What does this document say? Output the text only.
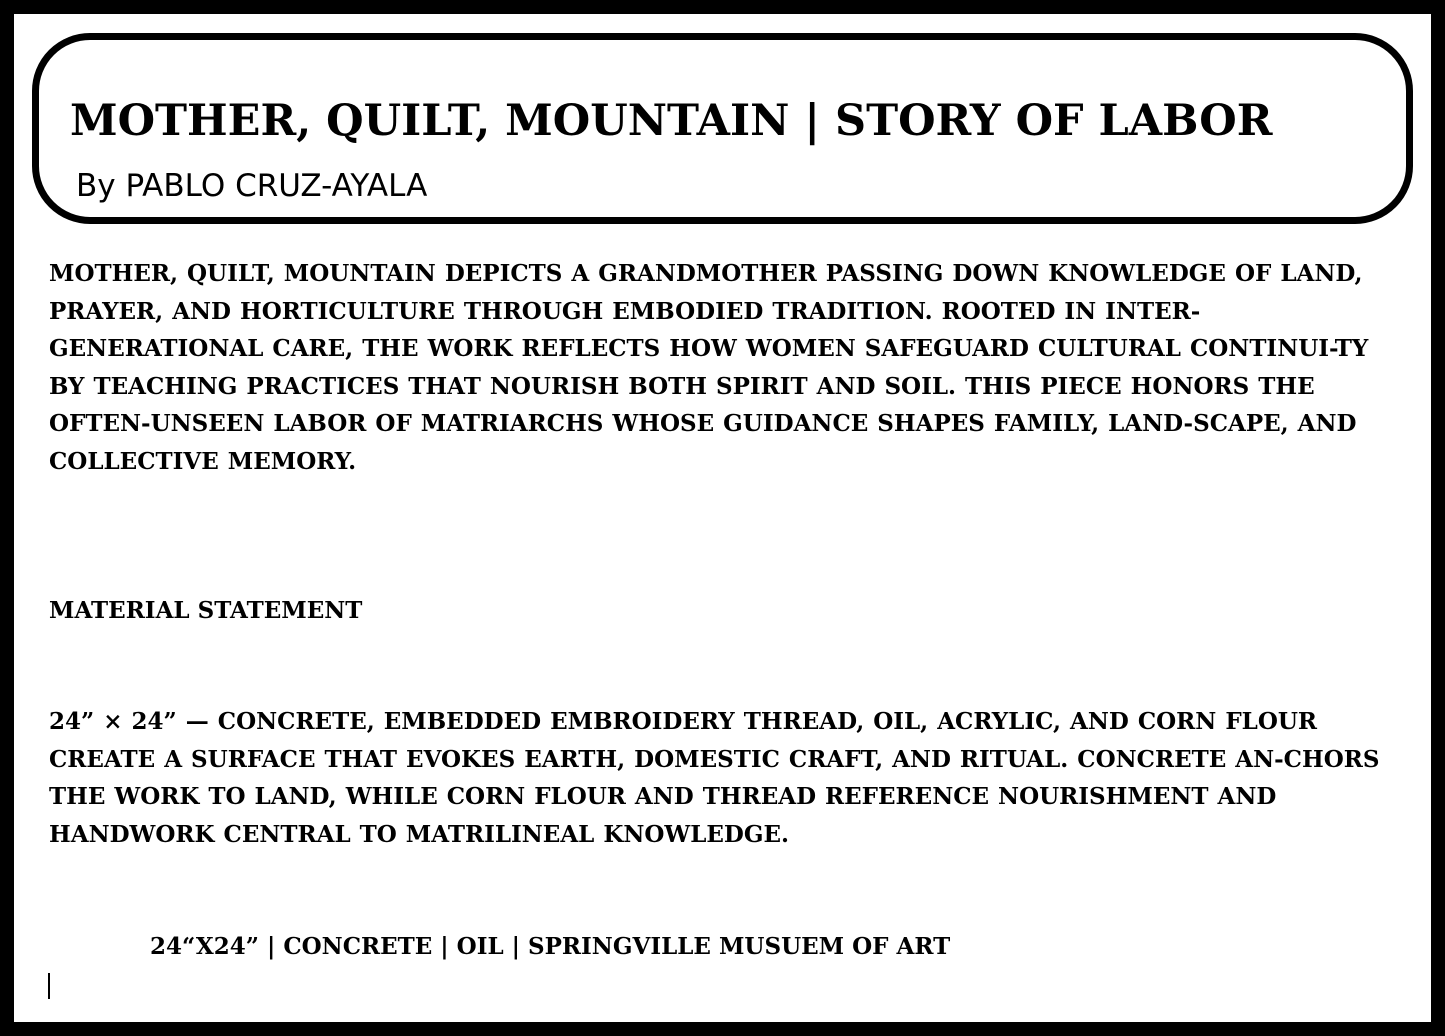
MOTHER, QUILT, MOUNTAIN | STORY OF LABOR
By PABLO CRUZ-AYALA

MOTHER, QUILT, MOUNTAIN DEPICTS A GRANDMOTHER PASSING DOWN KNOWLEDGE OF LAND, PRAYER, AND HORTICULTURE THROUGH EMBODIED TRADITION. ROOTED IN INTER-GENERATIONAL CARE, THE WORK REFLECTS HOW WOMEN SAFEGUARD CULTURAL CONTINUI-TY BY TEACHING PRACTICES THAT NOURISH BOTH SPIRIT AND SOIL. THIS PIECE HONORS THE OFTEN-UNSEEN LABOR OF MATRIARCHS WHOSE GUIDANCE SHAPES FAMILY, LAND-SCAPE, AND COLLECTIVE MEMORY.

MATERIAL STATEMENT

24” × 24” — CONCRETE, EMBEDDED EMBROIDERY THREAD, OIL, ACRYLIC, AND CORN FLOUR CREATE A SURFACE THAT EVOKES EARTH, DOMESTIC CRAFT, AND RITUAL. CONCRETE AN-CHORS THE WORK TO LAND, WHILE CORN FLOUR AND THREAD REFERENCE NOURISHMENT AND HANDWORK CENTRAL TO MATRILINEAL KNOWLEDGE.

24“X24” | CONCRETE | OIL | SPRINGVILLE MUSUEM OF ART
